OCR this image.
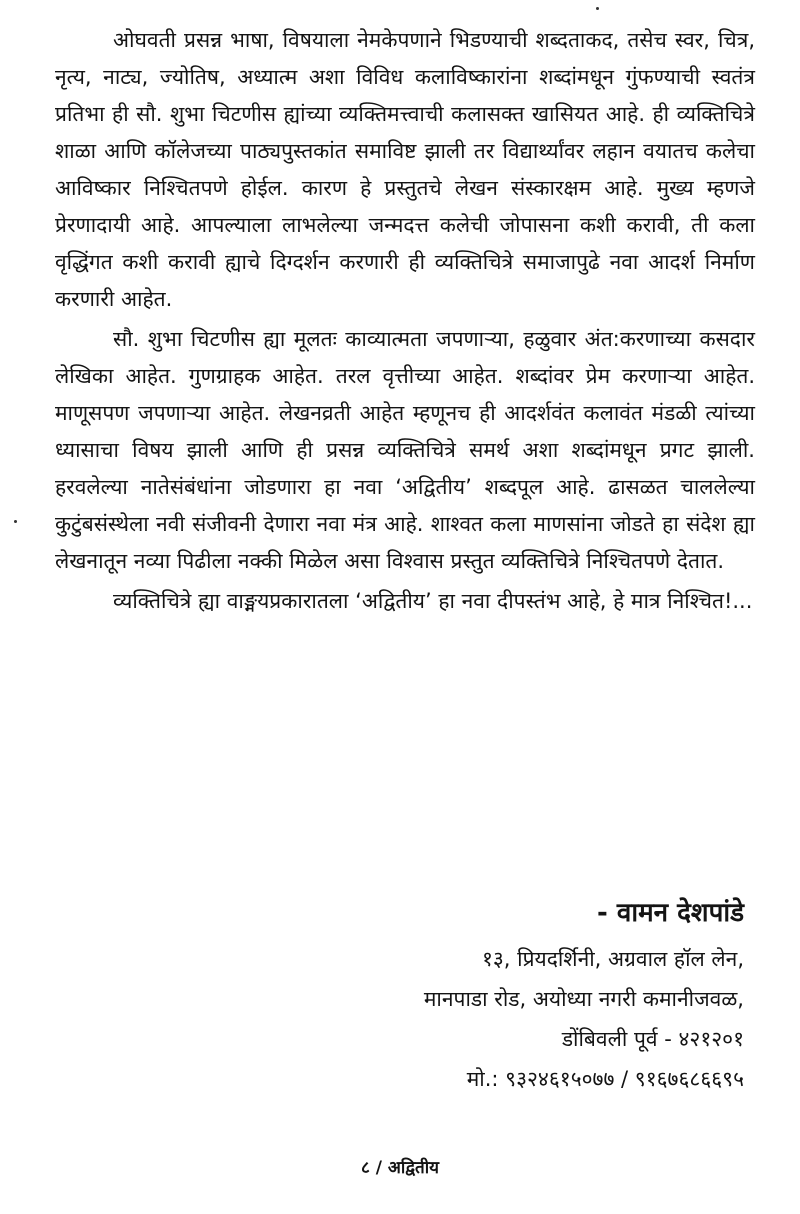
ओघवती प्रसन्न भाषा, विषयाला नेमकेपणाने भिडण्याची शब्दताकद, तसेच स्वर, चित्र, नृत्य, नाट्य, ज्योतिष, अध्यात्म अशा विविध कलाविष्कारांना शब्दांमधून गुंफण्याची स्वतंत्र प्रतिभा ही सौ. शुभा चिटणीस ह्यांच्या व्यक्तिमत्त्वाची कलासक्त खासियत आहे. ही व्यक्तिचित्रे शाळा आणि कॉलेजच्या पाठ्यपुस्तकांत समाविष्ट झाली तर विद्यार्थ्यांवर लहान वयातच कलेचा आविष्कार निश्चितपणे होईल. कारण हे प्रस्तुतचे लेखन संस्कारक्षम आहे. मुख्य म्हणजे प्रेरणादायी आहे. आपल्याला लाभलेल्या जन्मदत्त कलेची जोपासना कशी करावी, ती कला वृद्धिंगत कशी करावी ह्याचे दिग्दर्शन करणारी ही व्यक्तिचित्रे समाजापुढे नवा आदर्श निर्माण करणारी आहेत.

सौ. शुभा चिटणीस ह्या मूलतः काव्यात्मता जपणाऱ्या, हळुवार अंत:करणाच्या कसदार लेखिका आहेत. गुणग्राहक आहेत. तरल वृत्तीच्या आहेत. शब्दांवर प्रेम करणाऱ्या आहेत. माणूसपण जपणाऱ्या आहेत. लेखनव्रती आहेत म्हणूनच ही आदर्शवंत कलावंत मंडळी त्यांच्या ध्यासाचा विषय झाली आणि ही प्रसन्न व्यक्तिचित्रे समर्थ अशा शब्दांमधून प्रगट झाली. हरवलेल्या नातेसंबंधांना जोडणारा हा नवा ‘अद्वितीय’ शब्दपूल आहे. ढासळत चाललेल्या कुटुंबसंस्थेला नवी संजीवनी देणारा नवा मंत्र आहे. शाश्वत कला माणसांना जोडते हा संदेश ह्या लेखनातून नव्या पिढीला नक्की मिळेल असा विश्वास प्रस्तुत व्यक्तिचित्रे निश्चितपणे देतात.

व्यक्तिचित्रे ह्या वाङ्मयप्रकारातला ‘अद्वितीय’ हा नवा दीपस्तंभ आहे, हे मात्र निश्चित!...

- वामन देशपांडे
१३, प्रियदर्शिनी, अग्रवाल हॉल लेन,
मानपाडा रोड, अयोध्या नगरी कमानीजवळ,
डोंबिवली पूर्व - ४२१२०१
मो.: ९३२४६१५०७७ / ९१६७६८६६९५
८ / अद्वितीय
